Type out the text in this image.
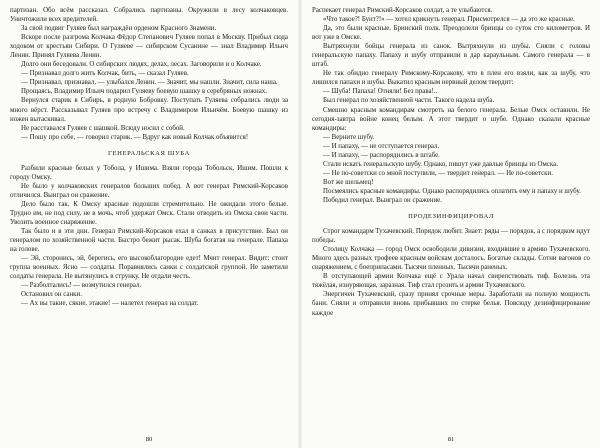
партизан. Обо всём рассказал. Собрались партизаны. Окружили в лесу колчаковцев. Уничтожили всех вредителей.

За свой подвиг Гуляев был награждён орденом Красного Знамени.

Вскоре после разгрома Колчака Фёдор Степанович Гуляев попал в Москву. Прибыл сюда ходоком от крестьян Сибири. О Гуляеве — сибирском Сусанине — знал Владимир Ильич Ленин. Принял Гуляева Ленин.

Долго они беседовали. О сибирских людях, делах, лесах. Заговорили и о Колчаке.

— Признавал долго жить Колчак, бить, — сказал Гуляев.

— Признавал, признавал, — улыбался Ленин. — Значит, мы нашли. Значит, сила наша.

Прощаясь, Владимир Ильич подарил Гуляеву боевую шашку в серебряных ножнах.

Вернулся старик в Сибирь, в родную Бобровку. Поступать Гуляева собрались люди за много вёрст. Рассказывал Гуляев про встречу с Владимиром Ильичём. Боевую шашку из ножен вытаскивал.

Не расставался Гуляев с шашкой. Всюду носил с собой.

— Пошу про себе, — говорил старик. — Вдруг как новый Колчак объявится!

ГЕНЕРАЛЬСКАЯ ШУБА

Разбили красные белых у Тобола, у Ишима. Взяли города Тобольск, Ишим. Пошли к городу Омску.

Не было у колчаковских генералов больших побед. А вот генерал Римский-Корсаков отличился. Выиграл он сражение.

Дело было так. К Омску красные подошли стремительно. Не ожидали этого белые. Трудно им, не под силу, не в мочь, чтоб удержат Омск. Стали отводить из Омска свои части. Увозить военное снаряжение.

Так было и в эти дни. Генерал Римский-Корсаков ехал в санках в присутствие. Был он генералом по хозяйственной части. Быстро бежит рысак. Шуба богатая на генерале. Папаха на голове.

— Эй, сторонись, эй, берегись, его высокоблагородие едет! Мчит генерал. Видит: стоит группа военных. Ясно — солдаты. Поравнялись санки с солдатской группой. Не заметили солдаты генерала. Не вытянулись в струнку. Не отдали честь.

— Разболтались! — возмутился генерал.

Остановил он санки.

— Ах вы такие, сякие, этакие! — налетел генерал на солдат.

80

Распекает генерал Римский-Корсаков солдат, а те улыбаются.

«Что такое?! Бунт?!» — хотел крикнуть генерал. Присмотрелся — да это же красные.

Да, это были красные. Бринский полк. Преодолели бринцы со суток сто километров. И вот уже в Омске.

Вытряхнули бойцы генерала из санок. Вытряхнули из шубы. Сняли с головы генеральскую папаху. Папаху и шубу отправили в дар караульным. Самого генерала — в штаб.

Не так обидно генералу Римскому-Корсакову, что в плен его взяли, как за шубу, что лишился папахи и шубы. Выкатил красным нервный делом твердит:

— Шуба! Папаха! Отняли! Без права!..

Был генерал по хозяйственной части. Такого надела шуба.

Смешно красным командирам смотреть на белого генерала. Белые Омск оставили. Не сегодня-завтра войне конец белым. А этот твердит о шубе. Однако сказали красные командиры:

— Верните шубу.

— И папаху, — не отступается генерал.

— И папаху, — распорядились в штабе.

Стали искать генеральскую шубу. Однако, пишут уже давлые бринцы из Омска.

— Не по-советски со мной поступили, — твердит генерал. — Не по-советски.

Вот же шельмец!

Посмеялись красные командиры. Однако распорядились оплатить ему и папаху и шубу.

Победил генерал. Выиграл он сражение.

ПРОДЕЗИНФИЦИРОВАЛ

Строг командарм Тухачевский. Порядок любит. Знает: ряды — порядок, а с порядком идут победы.

Столицу Колчака — город Омск освободили дивизии, входившие в армию Тухачевского. Много здесь разных трофеев красным войскам досталось. Богатые склады. Сотни вагонов со снаряжением, с боеприпасами. Тысячи пленных. Тысячи раненых.

В отступающей армии Колчака ещё с Урала начал свирепствовать тиф. Болезнь эта тяжёлая, изнуряющая, заразная. Тиф стал грозить и армии Тухачевского.

Энергичен Тухачевский, сразу принял срочные меры. Заработали на полную мощность бани. Сняли и отправили вновь прибывших по стерке белья. Повсюду дезинфицирование каждое

81
